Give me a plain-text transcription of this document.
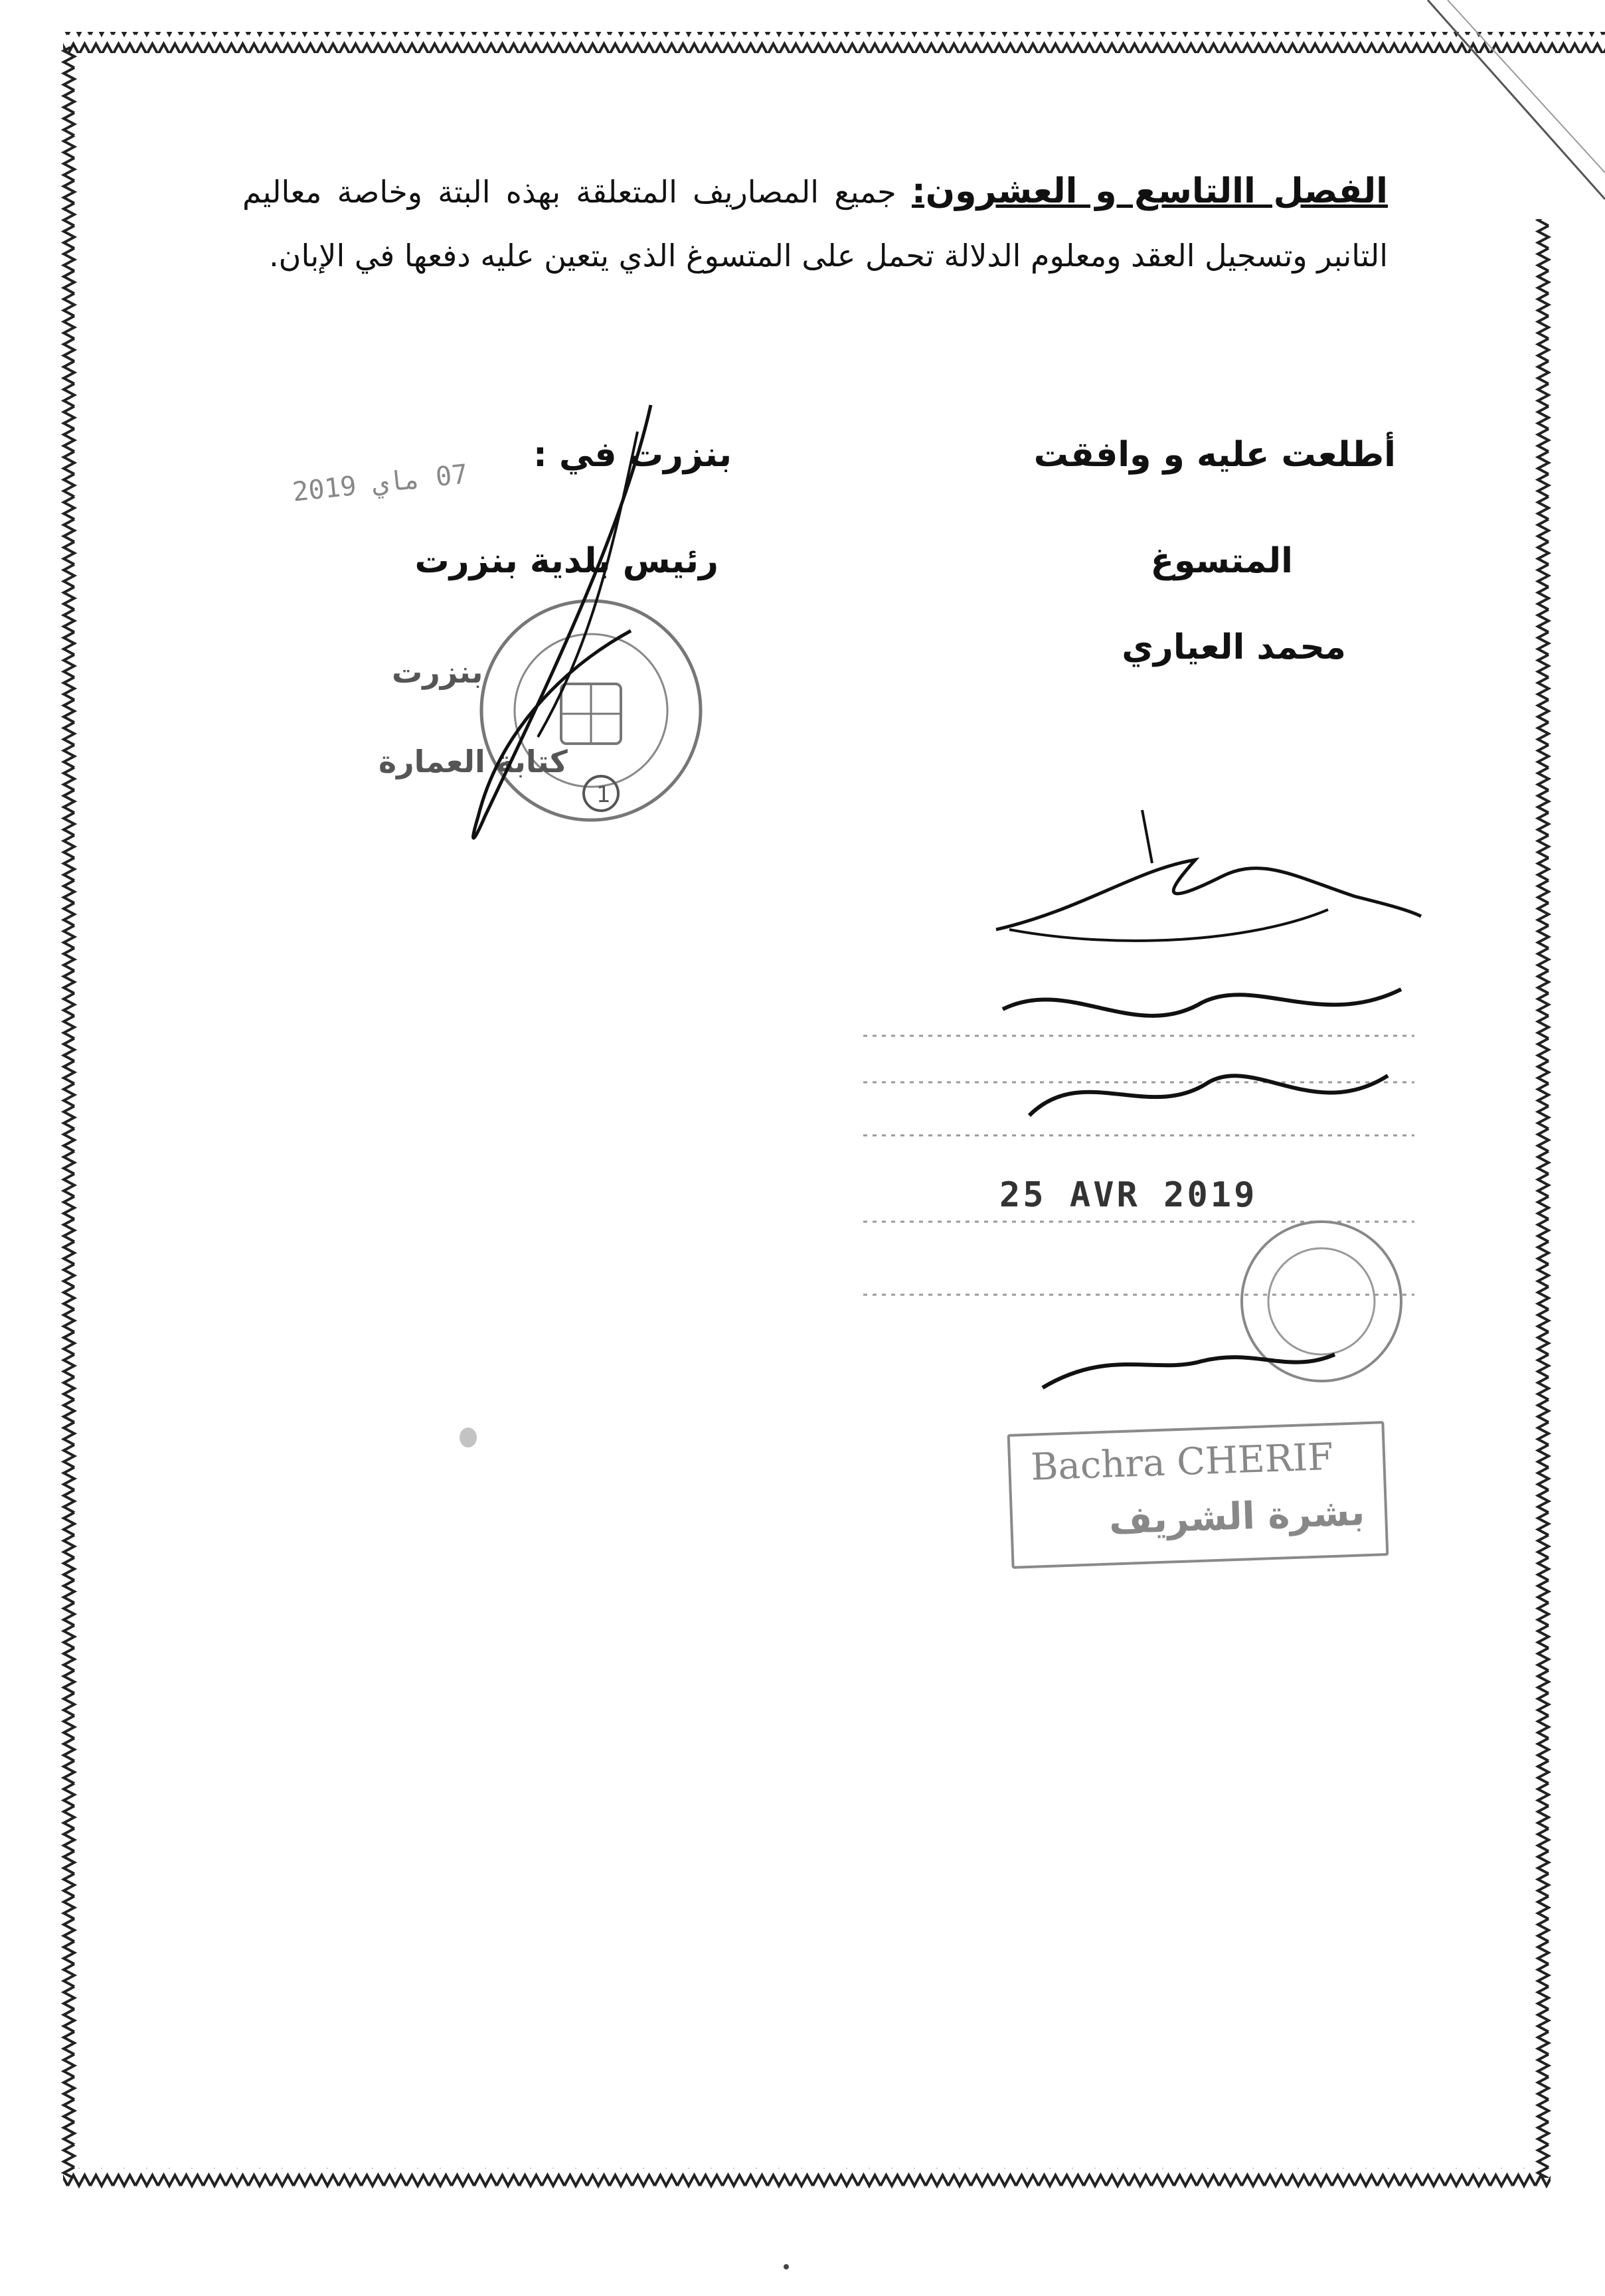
الفصل االتاسع و العشرون: جميع المصاريف المتعلقة بهذه البتة وخاصة معاليم التانبر وتسجيل العقد ومعلوم الدلالة تحمل على المتسوغ الذي يتعين عليه دفعها في الإبان.
بنزرت في :	أطلعت عليه و وافقت
07 ماي 2019
رئيس بلدية بنزرت	المتسوغ
محمد العياري
1
بنزرت
كتابة العمارة
25 AVR 2019
Bachra CHERIF
بشرة الشريف
